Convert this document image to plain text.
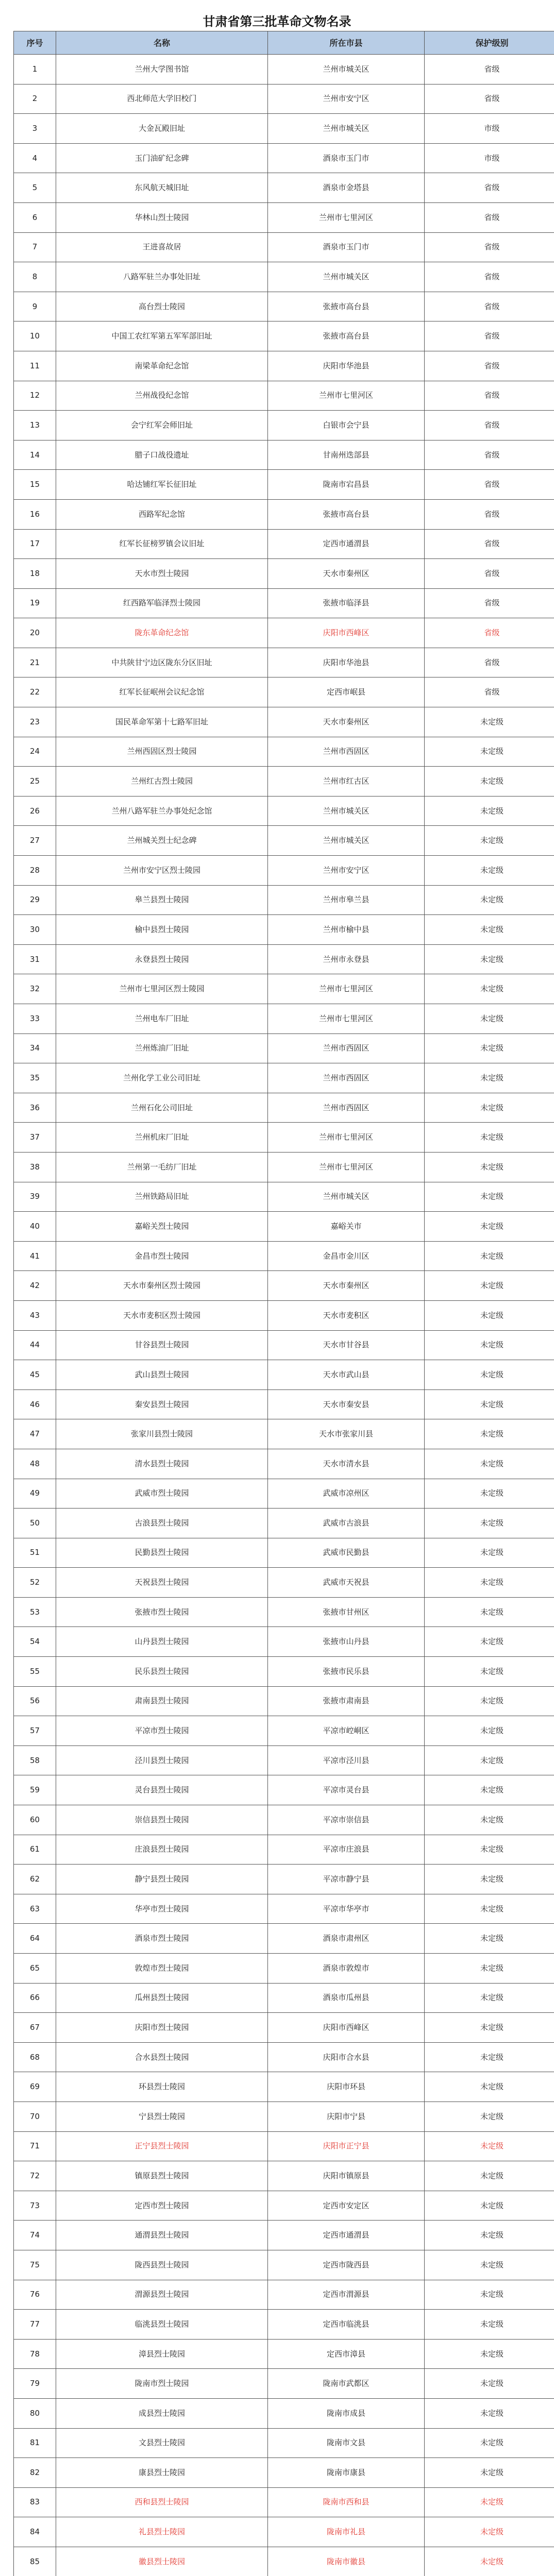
甘肃省第三批革命文物名录
序号	名称	所在市县	保护级别
1	兰州大学图书馆	兰州市城关区	省级
2	西北师范大学旧校门	兰州市安宁区	省级
3	大金瓦殿旧址	兰州市城关区	市级
4	玉门油矿纪念碑	酒泉市玉门市	市级
5	东风航天城旧址	酒泉市金塔县	省级
6	华林山烈士陵园	兰州市七里河区	省级
7	王进喜故居	酒泉市玉门市	省级
8	八路军驻兰办事处旧址	兰州市城关区	省级
9	高台烈士陵园	张掖市高台县	省级
10	中国工农红军第五军军部旧址	张掖市高台县	省级
11	南梁革命纪念馆	庆阳市华池县	省级
12	兰州战役纪念馆	兰州市七里河区	省级
13	会宁红军会师旧址	白银市会宁县	省级
14	腊子口战役遗址	甘南州迭部县	省级
15	哈达铺红军长征旧址	陇南市宕昌县	省级
16	西路军纪念馆	张掖市高台县	省级
17	红军长征榜罗镇会议旧址	定西市通渭县	省级
18	天水市烈士陵园	天水市秦州区	省级
19	红西路军临泽烈士陵园	张掖市临泽县	省级
20	陇东革命纪念馆	庆阳市西峰区	省级
21	中共陕甘宁边区陇东分区旧址	庆阳市华池县	省级
22	红军长征岷州会议纪念馆	定西市岷县	省级
23	国民革命军第十七路军旧址	天水市秦州区	未定级
24	兰州西固区烈士陵园	兰州市西固区	未定级
25	兰州红古烈士陵园	兰州市红古区	未定级
26	兰州八路军驻兰办事处纪念馆	兰州市城关区	未定级
27	兰州城关烈士纪念碑	兰州市城关区	未定级
28	兰州市安宁区烈士陵园	兰州市安宁区	未定级
29	皋兰县烈士陵园	兰州市皋兰县	未定级
30	榆中县烈士陵园	兰州市榆中县	未定级
31	永登县烈士陵园	兰州市永登县	未定级
32	兰州市七里河区烈士陵园	兰州市七里河区	未定级
33	兰州电车厂旧址	兰州市七里河区	未定级
34	兰州炼油厂旧址	兰州市西固区	未定级
35	兰州化学工业公司旧址	兰州市西固区	未定级
36	兰州石化公司旧址	兰州市西固区	未定级
37	兰州机床厂旧址	兰州市七里河区	未定级
38	兰州第一毛纺厂旧址	兰州市七里河区	未定级
39	兰州铁路局旧址	兰州市城关区	未定级
40	嘉峪关烈士陵园	嘉峪关市	未定级
41	金昌市烈士陵园	金昌市金川区	未定级
42	天水市秦州区烈士陵园	天水市秦州区	未定级
43	天水市麦积区烈士陵园	天水市麦积区	未定级
44	甘谷县烈士陵园	天水市甘谷县	未定级
45	武山县烈士陵园	天水市武山县	未定级
46	秦安县烈士陵园	天水市秦安县	未定级
47	张家川县烈士陵园	天水市张家川县	未定级
48	清水县烈士陵园	天水市清水县	未定级
49	武威市烈士陵园	武威市凉州区	未定级
50	古浪县烈士陵园	武威市古浪县	未定级
51	民勤县烈士陵园	武威市民勤县	未定级
52	天祝县烈士陵园	武威市天祝县	未定级
53	张掖市烈士陵园	张掖市甘州区	未定级
54	山丹县烈士陵园	张掖市山丹县	未定级
55	民乐县烈士陵园	张掖市民乐县	未定级
56	肃南县烈士陵园	张掖市肃南县	未定级
57	平凉市烈士陵园	平凉市崆峒区	未定级
58	泾川县烈士陵园	平凉市泾川县	未定级
59	灵台县烈士陵园	平凉市灵台县	未定级
60	崇信县烈士陵园	平凉市崇信县	未定级
61	庄浪县烈士陵园	平凉市庄浪县	未定级
62	静宁县烈士陵园	平凉市静宁县	未定级
63	华亭市烈士陵园	平凉市华亭市	未定级
64	酒泉市烈士陵园	酒泉市肃州区	未定级
65	敦煌市烈士陵园	酒泉市敦煌市	未定级
66	瓜州县烈士陵园	酒泉市瓜州县	未定级
67	庆阳市烈士陵园	庆阳市西峰区	未定级
68	合水县烈士陵园	庆阳市合水县	未定级
69	环县烈士陵园	庆阳市环县	未定级
70	宁县烈士陵园	庆阳市宁县	未定级
71	正宁县烈士陵园	庆阳市正宁县	未定级
72	镇原县烈士陵园	庆阳市镇原县	未定级
73	定西市烈士陵园	定西市安定区	未定级
74	通渭县烈士陵园	定西市通渭县	未定级
75	陇西县烈士陵园	定西市陇西县	未定级
76	渭源县烈士陵园	定西市渭源县	未定级
77	临洮县烈士陵园	定西市临洮县	未定级
78	漳县烈士陵园	定西市漳县	未定级
79	陇南市烈士陵园	陇南市武都区	未定级
80	成县烈士陵园	陇南市成县	未定级
81	文县烈士陵园	陇南市文县	未定级
82	康县烈士陵园	陇南市康县	未定级
83	西和县烈士陵园	陇南市西和县	未定级
84	礼县烈士陵园	陇南市礼县	未定级
85	徽县烈士陵园	陇南市徽县	未定级
